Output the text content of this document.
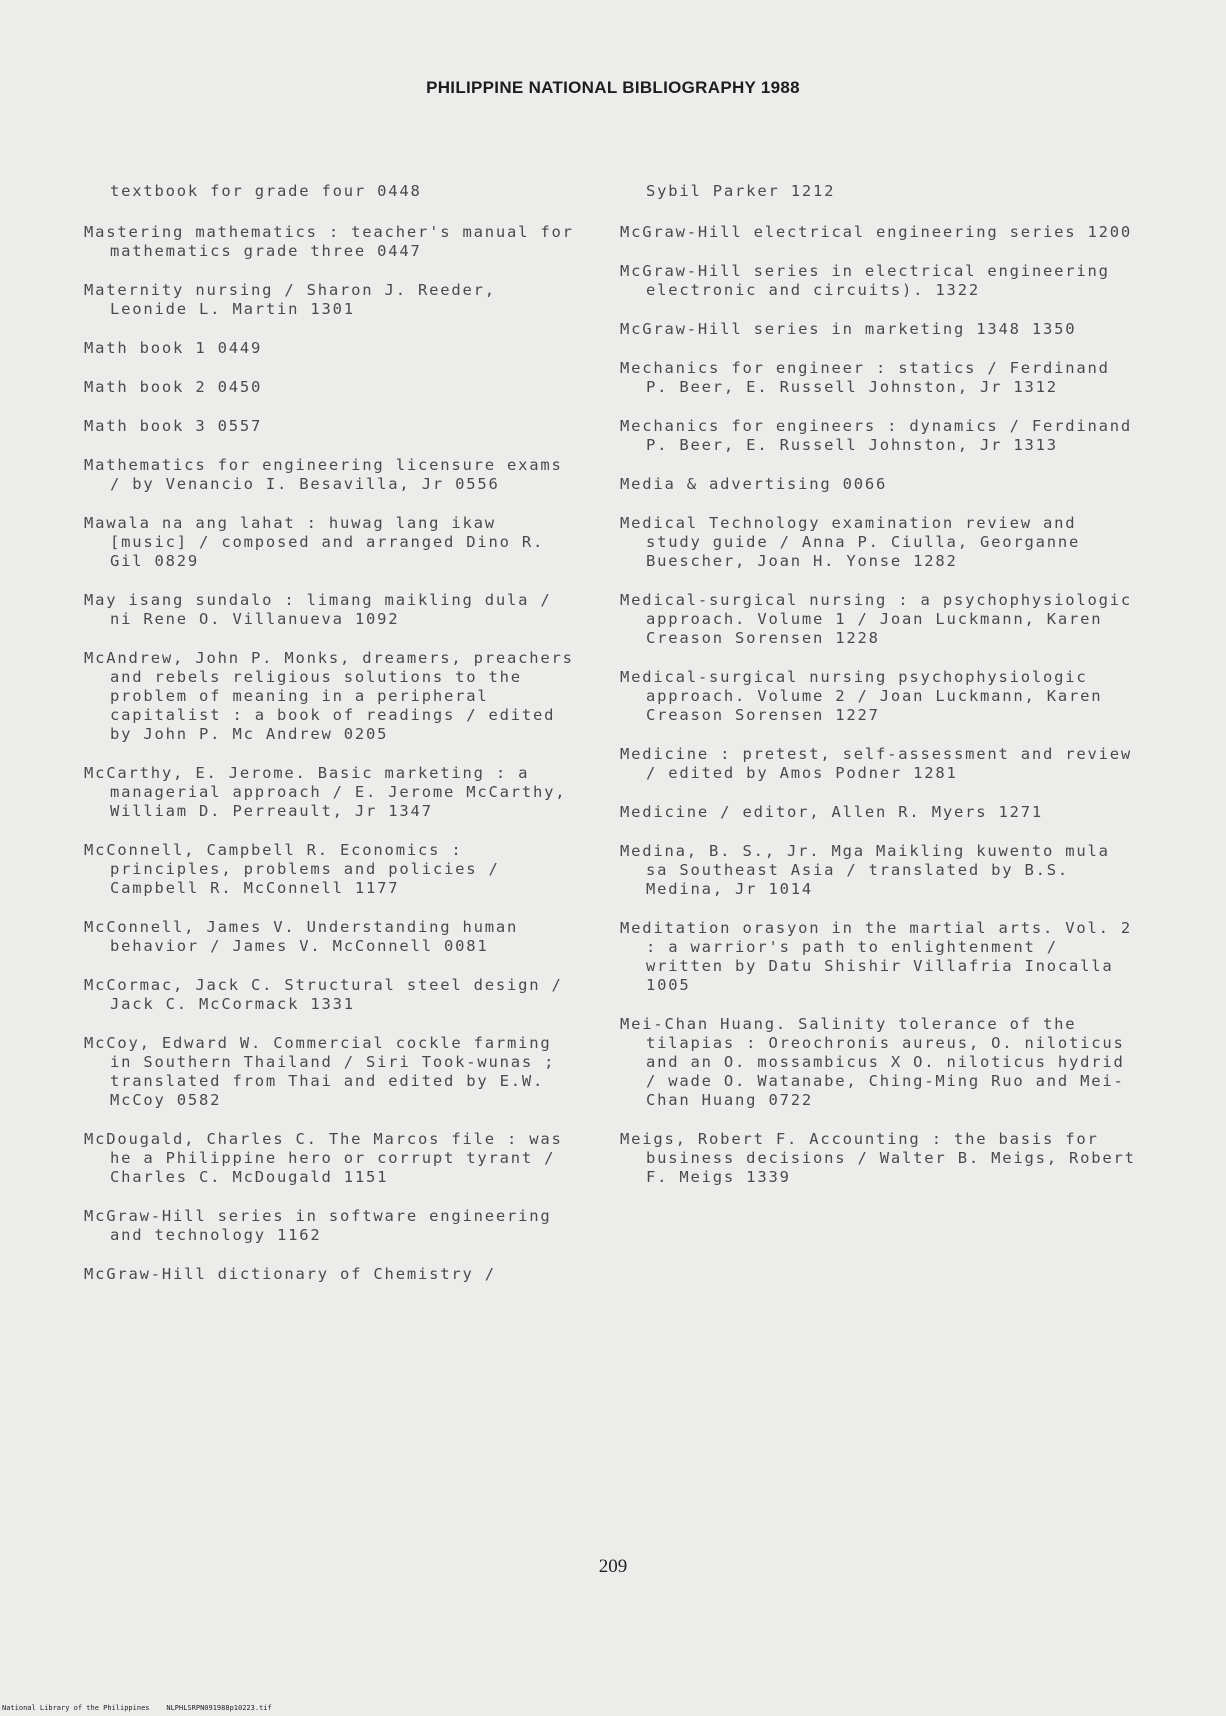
PHILIPPINE NATIONAL BIBLIOGRAPHY 1988

textbook for grade four 0448

Mastering mathematics : teacher's manual for mathematics grade three 0447

Maternity nursing / Sharon J. Reeder, Leonide L. Martin 1301

Math book 1 0449

Math book 2 0450

Math book 3 0557

Mathematics for engineering licensure exams / by Venancio I. Besavilla, Jr 0556

Mawala na ang lahat : huwag lang ikaw [music] / composed and arranged Dino R. Gil 0829

May isang sundalo : limang maikling dula / ni Rene O. Villanueva 1092

McAndrew, John P. Monks, dreamers, preachers and rebels religious solutions to the problem of meaning in a peripheral capitalist : a book of readings / edited by John P. Mc Andrew 0205

McCarthy, E. Jerome. Basic marketing : a managerial approach / E. Jerome McCarthy, William D. Perreault, Jr 1347

McConnell, Campbell R. Economics : principles, problems and policies / Campbell R. McConnell 1177

McConnell, James V. Understanding human behavior / James V. McConnell 0081

McCormac, Jack C. Structural steel design / Jack C. McCormack 1331

McCoy, Edward W. Commercial cockle farming in Southern Thailand / Siri Took-wunas ; translated from Thai and edited by E.W. McCoy 0582

McDougald, Charles C. The Marcos file : was he a Philippine hero or corrupt tyrant / Charles C. McDougald 1151

McGraw-Hill series in software engineering and technology 1162

McGraw-Hill dictionary of Chemistry /

Sybil Parker 1212

McGraw-Hill electrical engineering series 1200

McGraw-Hill series in electrical engineering electronic and circuits). 1322

McGraw-Hill series in marketing 1348 1350

Mechanics for engineer : statics / Ferdinand P. Beer, E. Russell Johnston, Jr 1312

Mechanics for engineers : dynamics / Ferdinand P. Beer, E. Russell Johnston, Jr 1313

Media & advertising 0066

Medical Technology examination review and study guide / Anna P. Ciulla, Georganne Buescher, Joan H. Yonse 1282

Medical-surgical nursing : a psychophysiologic approach. Volume 1 / Joan Luckmann, Karen Creason Sorensen 1228

Medical-surgical nursing psychophysiologic approach. Volume 2 / Joan Luckmann, Karen Creason Sorensen 1227

Medicine : pretest, self-assessment and review / edited by Amos Podner 1281

Medicine / editor, Allen R. Myers 1271

Medina, B. S., Jr. Mga Maikling kuwento mula sa Southeast Asia / translated by B.S. Medina, Jr 1014

Meditation orasyon in the martial arts. Vol. 2 : a warrior's path to enlightenment / written by Datu Shishir Villafria Inocalla 1005

Mei-Chan Huang. Salinity tolerance of the tilapias : Oreochronis aureus, O. niloticus and an O. mossambicus X O. niloticus hydrid / wade O. Watanabe, Ching-Ming Ruo and Mei-Chan Huang 0722

Meigs, Robert F. Accounting : the basis for business decisions / Walter B. Meigs, Robert F. Meigs 1339

209
National Library of the Philippines    NLPHLSRPN091988p10223.tif
